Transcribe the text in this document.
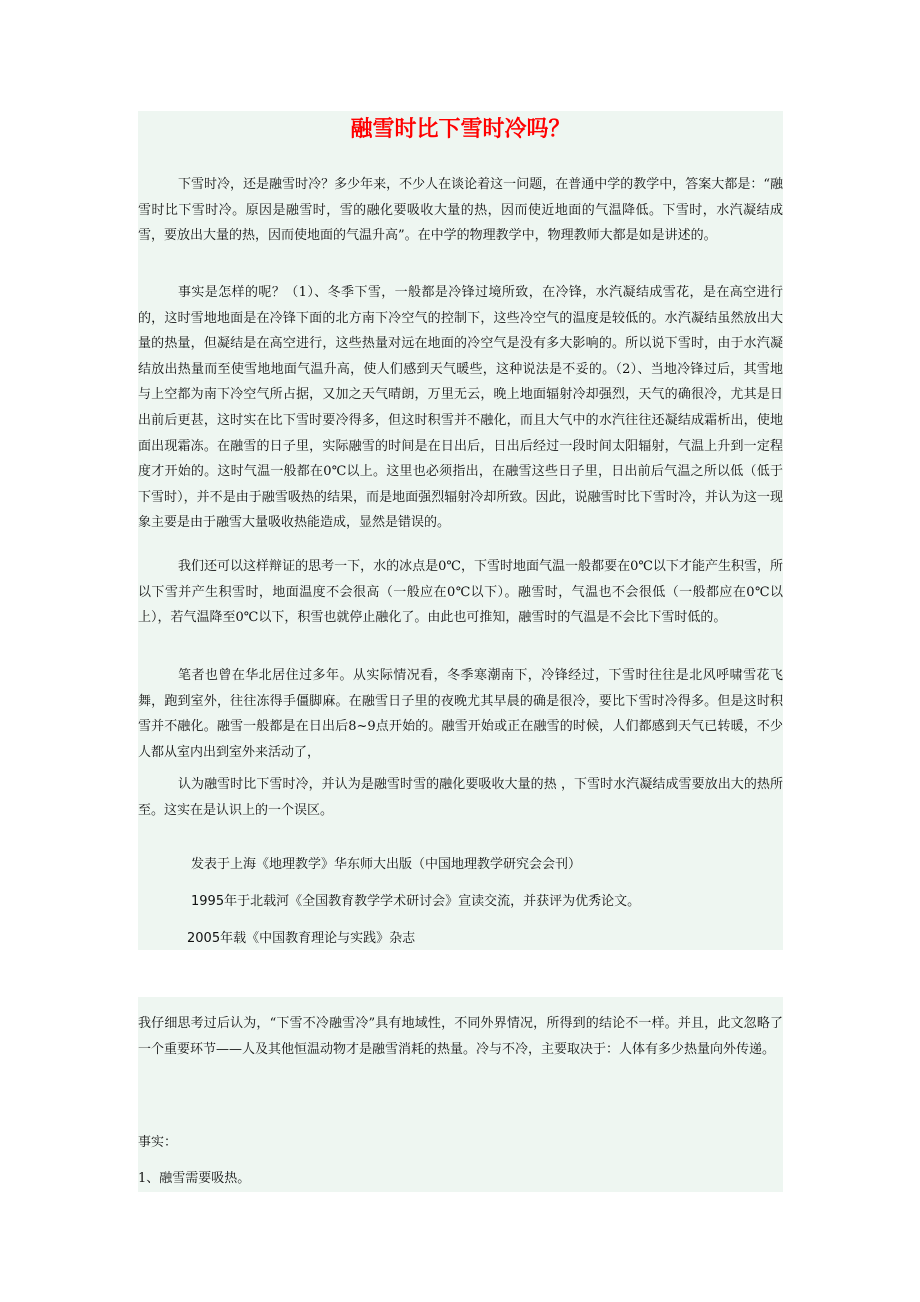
融雪时比下雪时冷吗？

下雪时冷，还是融雪时冷？多少年来，不少人在谈论着这一问题，在普通中学的教学中，答案大都是：“融雪时比下雪时冷。原因是融雪时，雪的融化要吸收大量的热，因而使近地面的气温降低。下雪时，水汽凝结成雪，要放出大量的热，因而使地面的气温升高”。在中学的物理教学中，物理教师大都是如是讲述的。

事实是怎样的呢？（1）、冬季下雪，一般都是冷锋过境所致，在冷锋，水汽凝结成雪花，是在高空进行的，这时雪地地面是在冷锋下面的北方南下冷空气的控制下，这些冷空气的温度是较低的。水汽凝结虽然放出大量的热量，但凝结是在高空进行，这些热量对远在地面的冷空气是没有多大影响的。所以说下雪时，由于水汽凝结放出热量而至使雪地地面气温升高，使人们感到天气暖些，这种说法是不妥的。（2）、当地冷锋过后，其雪地与上空都为南下冷空气所占据，又加之天气晴朗，万里无云，晚上地面辐射冷却强烈，天气的确很冷，尤其是日出前后更甚，这时实在比下雪时要冷得多，但这时积雪并不融化，而且大气中的水汽往往还凝结成霜析出，使地面出现霜冻。在融雪的日子里，实际融雪的时间是在日出后，日出后经过一段时间太阳辐射，气温上升到一定程度才开始的。这时气温一般都在0℃以上。这里也必须指出，在融雪这些日子里，日出前后气温之所以低（低于下雪时），并不是由于融雪吸热的结果，而是地面强烈辐射冷却所致。因此，说融雪时比下雪时冷，并认为这一现象主要是由于融雪大量吸收热能造成，显然是错误的。

我们还可以这样辩证的思考一下，水的冰点是0℃，下雪时地面气温一般都要在0℃以下才能产生积雪，所以下雪并产生积雪时，地面温度不会很高（一般应在0℃以下）。融雪时，气温也不会很低（一般都应在0℃以上），若气温降至0℃以下，积雪也就停止融化了。由此也可推知，融雪时的气温是不会比下雪时低的。

笔者也曾在华北居住过多年。从实际情况看，冬季寒潮南下，冷锋经过，下雪时往往是北风呼啸雪花飞舞，跑到室外，往往冻得手僵脚麻。在融雪日子里的夜晚尤其早晨的确是很冷，要比下雪时冷得多。但是这时积雪并不融化。融雪一般都是在日出后8~9点开始的。融雪开始或正在融雪的时候，人们都感到天气已转暖，不少人都从室内出到室外来活动了，

认为融雪时比下雪时冷，并认为是融雪时雪的融化要吸收大量的热 ，下雪时水汽凝结成雪要放出大的热所至。这实在是认识上的一个误区。

发表于上海《地理教学》华东师大出版（中国地理教学研究会会刊）

1995年于北载河《全国教育教学学术研讨会》宣读交流，并获评为优秀论文。

2005年载《中国教育理论与实践》杂志

我仔细思考过后认为，“下雪不冷融雪冷”具有地域性，不同外界情况，所得到的结论不一样。并且，此文忽略了一个重要环节——人及其他恒温动物才是融雪消耗的热量。冷与不冷，主要取决于：人体有多少热量向外传递。

事实：

1、融雪需要吸热。
